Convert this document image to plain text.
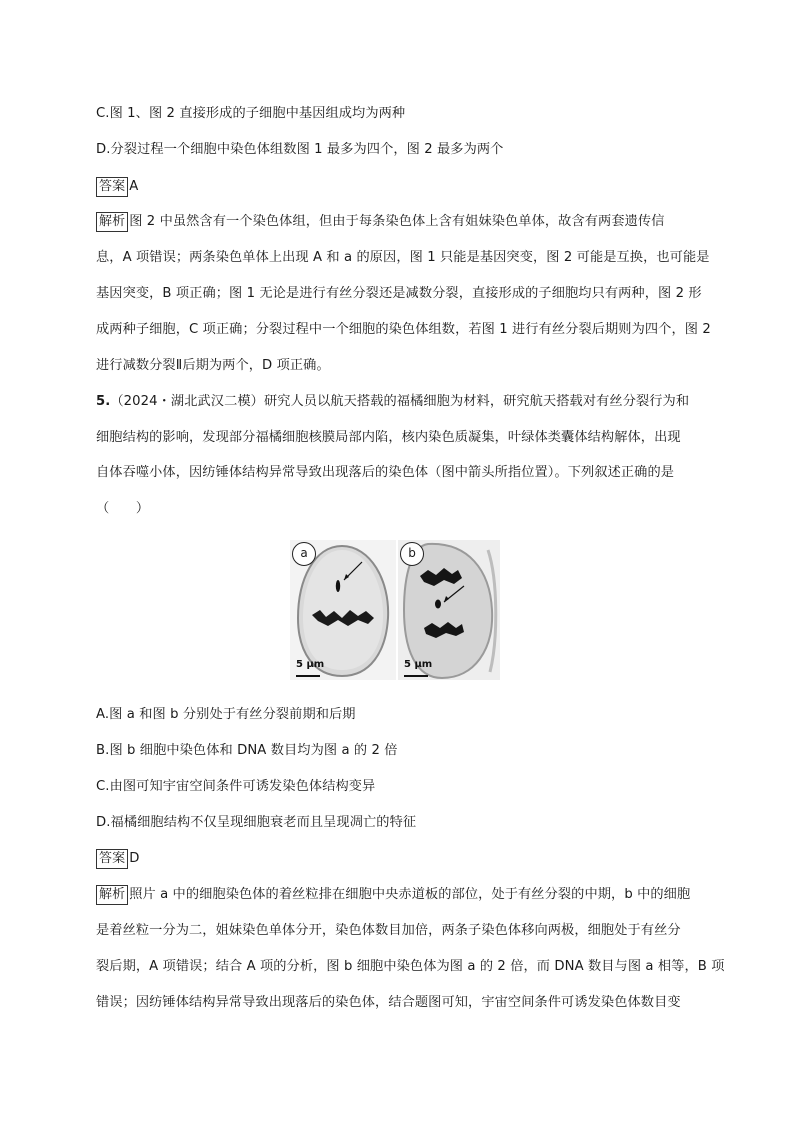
C.图 1、图 2 直接形成的子细胞中基因组成均为两种
D.分裂过程一个细胞中染色体组数图 1 最多为四个，图 2 最多为两个
答案 A
解析 图 2 中虽然含有一个染色体组，但由于每条染色体上含有姐妹染色单体，故含有两套遗传信
息，A 项错误；两条染色单体上出现 A 和 a 的原因，图 1 只能是基因突变，图 2 可能是互换，也可能是
基因突变，B 项正确；图 1 无论是进行有丝分裂还是减数分裂，直接形成的子细胞均只有两种，图 2 形
成两种子细胞，C 项正确；分裂过程中一个细胞的染色体组数，若图 1 进行有丝分裂后期则为四个，图 2
进行减数分裂Ⅱ后期为两个，D 项正确。
5.（2024・湖北武汉二模）研究人员以航天搭载的福橘细胞为材料，研究航天搭载对有丝分裂行为和
细胞结构的影响，发现部分福橘细胞核膜局部内陷，核内染色质凝集，叶绿体类囊体结构解体，出现
自体吞噬小体，因纺锤体结构异常导致出现落后的染色体（图中箭头所指位置）。下列叙述正确的是
（　　）
a
5 μm
b
5 μm
A.图 a 和图 b 分别处于有丝分裂前期和后期
B.图 b 细胞中染色体和 DNA 数目均为图 a 的 2 倍
C.由图可知宇宙空间条件可诱发染色体结构变异
D.福橘细胞结构不仅呈现细胞衰老而且呈现凋亡的特征
答案 D
解析 照片 a 中的细胞染色体的着丝粒排在细胞中央赤道板的部位，处于有丝分裂的中期，b 中的细胞
是着丝粒一分为二，姐妹染色单体分开，染色体数目加倍，两条子染色体移向两极，细胞处于有丝分
裂后期，A 项错误；结合 A 项的分析，图 b 细胞中染色体为图 a 的 2 倍，而 DNA 数目与图 a 相等，B 项
错误；因纺锤体结构异常导致出现落后的染色体，结合题图可知，宇宙空间条件可诱发染色体数目变
